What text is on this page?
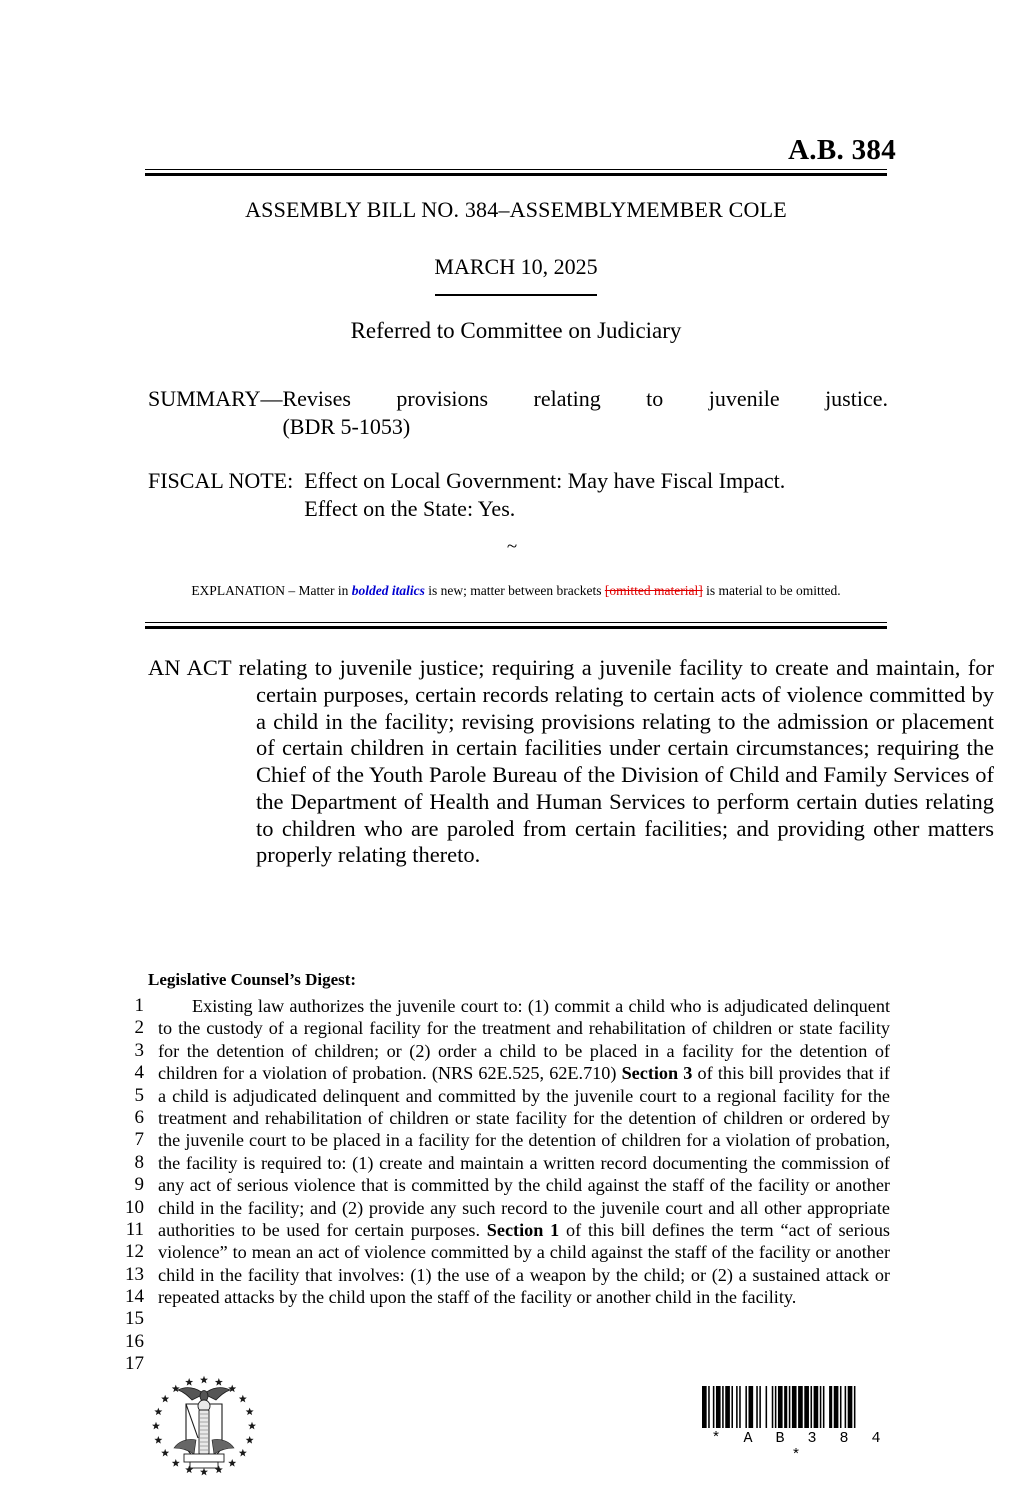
A.B. 384
ASSEMBLY BILL NO. 384–ASSEMBLYMEMBER COLE
MARCH 10, 2025
Referred to Committee on Judiciary
SUMMARY— Revises provisions relating to juvenile justice.
(BDR 5-1053)
FISCAL NOTE: Effect on Local Government: May have Fiscal Impact.
Effect on the State: Yes.
~
EXPLANATION – Matter in bolded italics is new; matter between brackets [omitted material] is material to be omitted.
AN ACT relating to juvenile justice; requiring a juvenile facility to create and maintain, for certain purposes, certain records relating to certain acts of violence committed by a child in the facility; revising provisions relating to the admission or placement of certain children in certain facilities under certain circumstances; requiring the Chief of the Youth Parole Bureau of the Division of Child and Family Services of the Department of Health and Human Services to perform certain duties relating to children who are paroled from certain facilities; and providing other matters properly relating thereto.
Legislative Counsel’s Digest:
1
2
3
4
5
6
7
8
9
10
11
12
13
14
15
16
17
Existing law authorizes the juvenile court to: (1) commit a child who is adjudicated delinquent to the custody of a regional facility for the treatment and rehabilitation of children or state facility for the detention of children; or (2) order a child to be placed in a facility for the detention of children for a violation of probation. (NRS 62E.525, 62E.710) Section 3 of this bill provides that if a child is adjudicated delinquent and committed by the juvenile court to a regional facility for the treatment and rehabilitation of children or state facility for the detention of children or ordered by the juvenile court to be placed in a facility for the detention of children for a violation of probation, the facility is required to: (1) create and maintain a written record documenting the commission of any act of serious violence that is committed by the child against the staff of the facility or another child in the facility; and (2) provide any such record to the juvenile court and all other appropriate authorities to be used for certain purposes. Section 1 of this bill defines the term “act of serious violence” to mean an act of violence committed by a child against the staff of the facility or another child in the facility that involves: (1) the use of a weapon by the child; or (2) a sustained attack or repeated attacks by the child upon the staff of the facility or another child in the facility.
* A B 3 8 4 *
